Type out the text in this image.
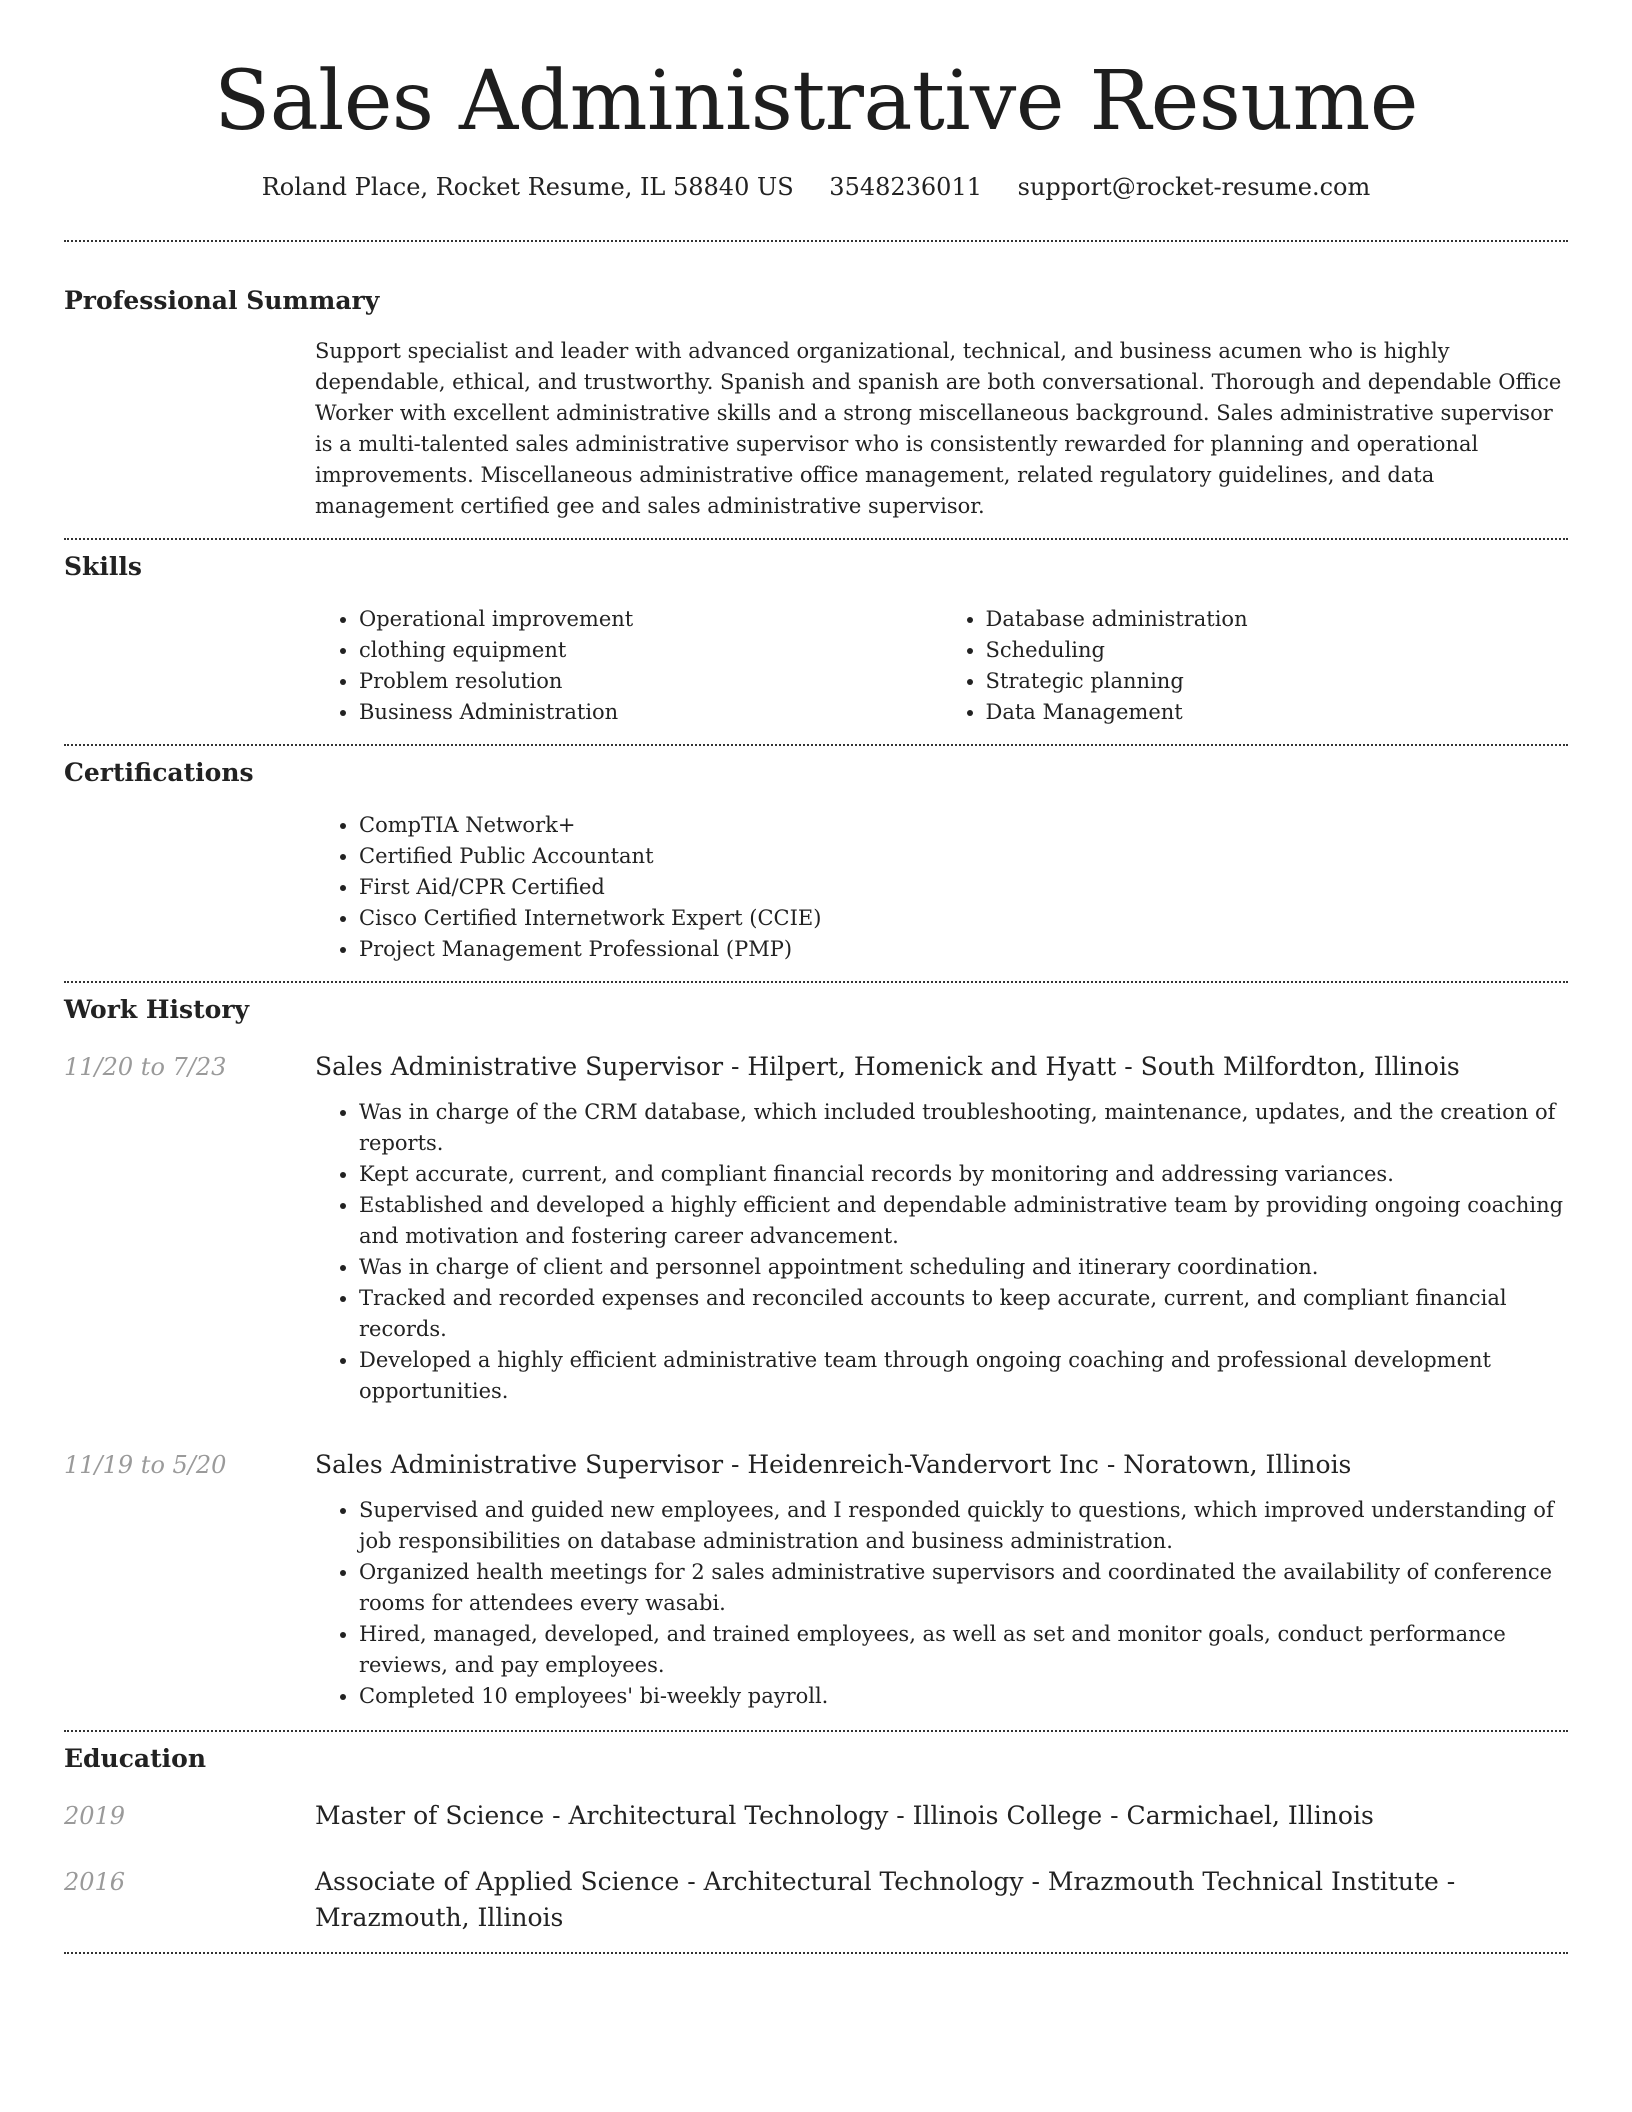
Sales Administrative Resume
Roland Place, Rocket Resume, IL 58840 US 3548236011 support@rocket-resume.com
Professional Summary

Support specialist and leader with advanced organizational, technical, and business acumen who is highly dependable, ethical, and trustworthy. Spanish and spanish are both conversational. Thorough and dependable Office Worker with excellent administrative skills and a strong miscellaneous background. Sales administrative supervisor is a multi-talented sales administrative supervisor who is consistently rewarded for planning and operational improvements. Miscellaneous administrative office management, related regulatory guidelines, and data management certified gee and sales administrative supervisor.

Skills
• Operational improvement
• clothing equipment
• Problem resolution
• Business Administration
• Database administration
• Scheduling
• Strategic planning
• Data Management
Certifications
• CompTIA Network+
• Certified Public Accountant
• First Aid/CPR Certified
• Cisco Certified Internetwork Expert (CCIE)
• Project Management Professional (PMP)
Work History
11/20 to 7/23	Sales Administrative Supervisor - Hilpert, Homenick and Hyatt - South Milfordton, Illinois
• Was in charge of the CRM database, which included troubleshooting, maintenance, updates, and the creation of reports.
• Kept accurate, current, and compliant financial records by monitoring and addressing variances.
• Established and developed a highly efficient and dependable administrative team by providing ongoing coaching and motivation and fostering career advancement.
• Was in charge of client and personnel appointment scheduling and itinerary coordination.
• Tracked and recorded expenses and reconciled accounts to keep accurate, current, and compliant financial records.
• Developed a highly efficient administrative team through ongoing coaching and professional development opportunities.
11/19 to 5/20	Sales Administrative Supervisor - Heidenreich-Vandervort Inc - Noratown, Illinois
• Supervised and guided new employees, and I responded quickly to questions, which improved understanding of job responsibilities on database administration and business administration.
• Organized health meetings for 2 sales administrative supervisors and coordinated the availability of conference rooms for attendees every wasabi.
• Hired, managed, developed, and trained employees, as well as set and monitor goals, conduct performance reviews, and pay employees.
• Completed 10 employees' bi-weekly payroll.
Education
2019	Master of Science - Architectural Technology - Illinois College - Carmichael, Illinois
2016	Associate of Applied Science - Architectural Technology - Mrazmouth Technical Institute - Mrazmouth, Illinois
